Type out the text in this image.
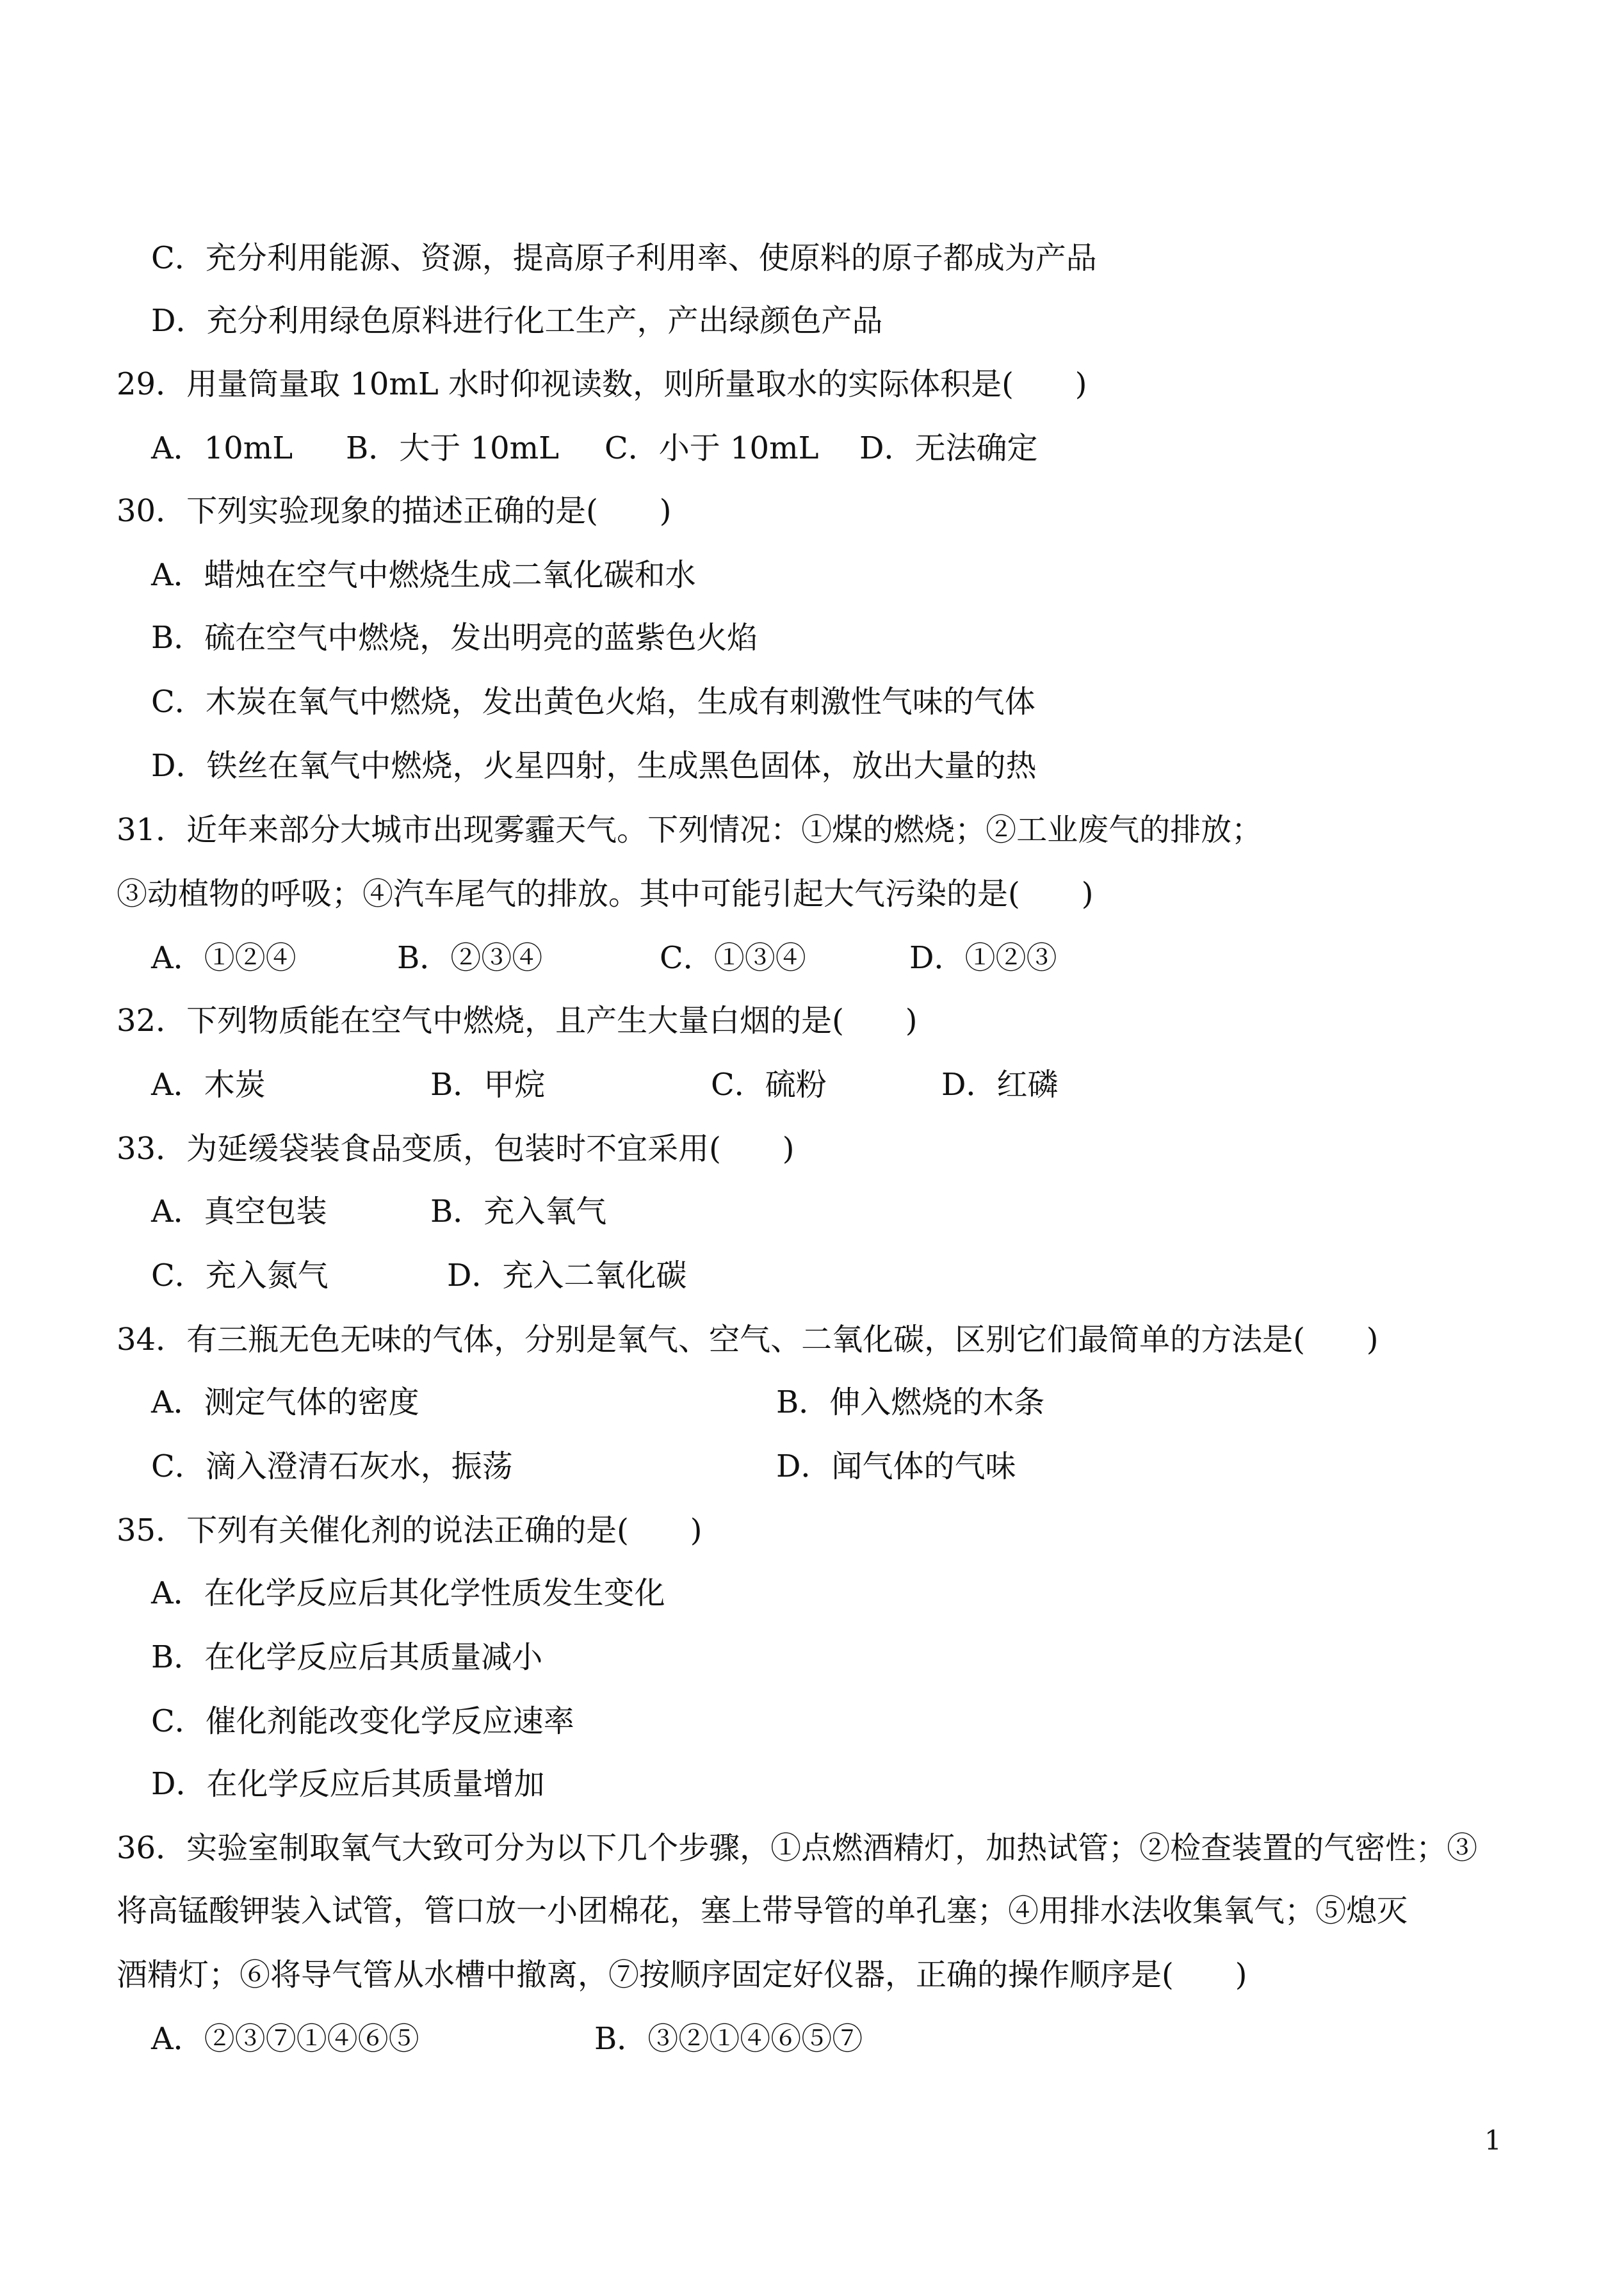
C．充分利用能源、资源，提高原子利用率、使原料的原子都成为产品
D．充分利用绿色原料进行化工生产，产出绿颜色产品
29．用量筒量取 10mL 水时仰视读数，则所量取水的实际体积是(　　)
A．10mL B．大于 10mL C．小于 10mL D．无法确定
30．下列实验现象的描述正确的是(　　)
A．蜡烛在空气中燃烧生成二氧化碳和水
B．硫在空气中燃烧，发出明亮的蓝紫色火焰
C．木炭在氧气中燃烧，发出黄色火焰，生成有刺激性气味的气体
D．铁丝在氧气中燃烧，火星四射，生成黑色固体，放出大量的热
31．近年来部分大城市出现雾霾天气。下列情况：①煤的燃烧；②工业废气的排放；
③动植物的呼吸；④汽车尾气的排放。其中可能引起大气污染的是(　　)
A．①②④	B．②③④	C．①③④	D．①②③
32．下列物质能在空气中燃烧，且产生大量白烟的是(　　)
A．木炭	B．甲烷	C．硫粉	D．红磷
33．为延缓袋装食品变质，包装时不宜采用(　　)
A．真空包装	B．充入氧气
C．充入氮气	D．充入二氧化碳
34．有三瓶无色无味的气体，分别是氧气、空气、二氧化碳，区别它们最简单的方法是(　　)
A．测定气体的密度	B．伸入燃烧的木条
C．滴入澄清石灰水，振荡	D．闻气体的气味
35．下列有关催化剂的说法正确的是(　　)
A．在化学反应后其化学性质发生变化
B．在化学反应后其质量减小
C．催化剂能改变化学反应速率
D．在化学反应后其质量增加
36．实验室制取氧气大致可分为以下几个步骤，①点燃酒精灯，加热试管；②检查装置的气密性；③
将高锰酸钾装入试管，管口放一小团棉花，塞上带导管的单孔塞；④用排水法收集氧气；⑤熄灭
酒精灯；⑥将导气管从水槽中撤离，⑦按顺序固定好仪器，正确的操作顺序是(　　)
A．②③⑦①④⑥⑤	B．③②①④⑥⑤⑦
1
